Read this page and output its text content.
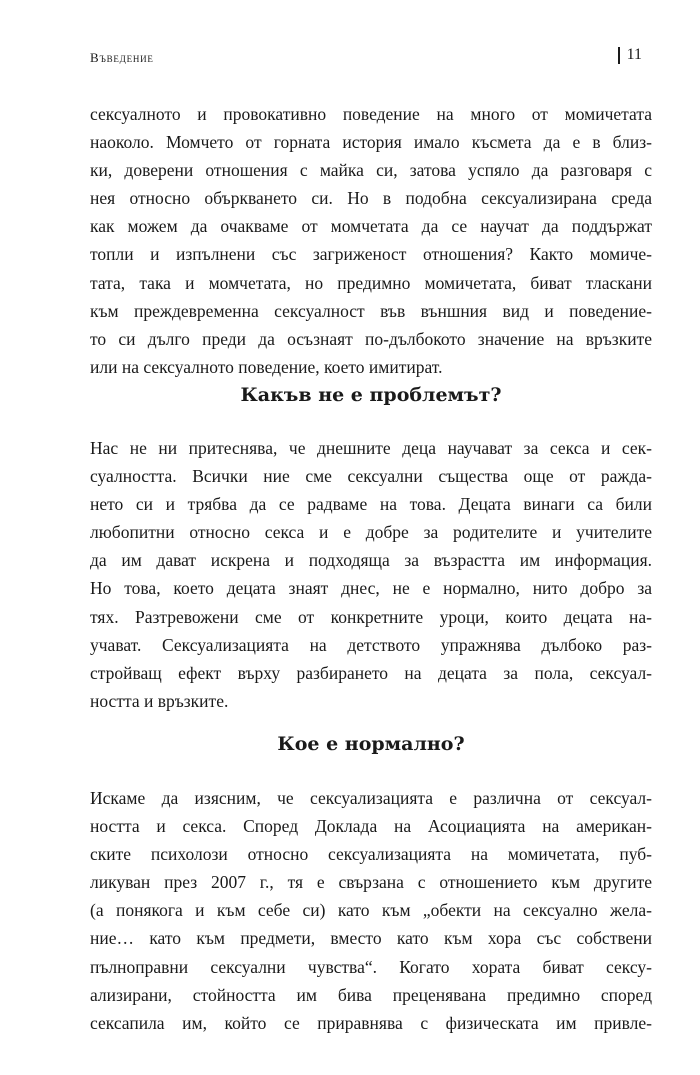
Въведение	11
сексуалното и провокативно поведение на много от момичетата
наоколо. Момчето от горната история имало късмета да е в близ-
ки, доверени отношения с майка си, затова успяло да разговаря с
нея относно объркването си. Но в подобна сексуализирана среда
как можем да очакваме от момчетата да се научат да поддържат
топли и изпълнени със загриженост отношения? Както момиче-
тата, така и момчетата, но предимно момичетата, биват тласкани
към преждевременна сексуалност във външния вид и поведение-
то си дълго преди да осъзнаят по-дълбокото значение на връзките
или на сексуалното поведение, което имитират.
Какъв не е проблемът?
Нас не ни притеснява, че днешните деца научават за секса и сек-
суалността. Всички ние сме сексуални същества още от ражда-
нето си и трябва да се радваме на това. Децата винаги са били
любопитни относно секса и е добре за родителите и учителите
да им дават искрена и подходяща за възрастта им информация.
Но това, което децата знаят днес, не е нормално, нито добро за
тях. Разтревожени сме от конкретните уроци, които децата на-
учават. Сексуализацията на детството упражнява дълбоко раз-
стройващ ефект върху разбирането на децата за пола, сексуал-
ността и връзките.
Кое е нормално?
Искаме да изясним, че сексуализацията е различна от сексуал-
ността и секса. Според Доклада на Асоциацията на американ-
ските психолози относно сексуализацията на момичетата, пуб-
ликуван през 2007 г., тя е свързана с отношението към другите
(а понякога и към себе си) като към „обекти на сексуално жела-
ние… като към предмети, вместо като към хора със собствени
пълноправни сексуални чувства“. Когато хората биват сексу-
ализирани, стойността им бива преценявана предимно според
сексапила им, който се приравнява с физическата им привле-
